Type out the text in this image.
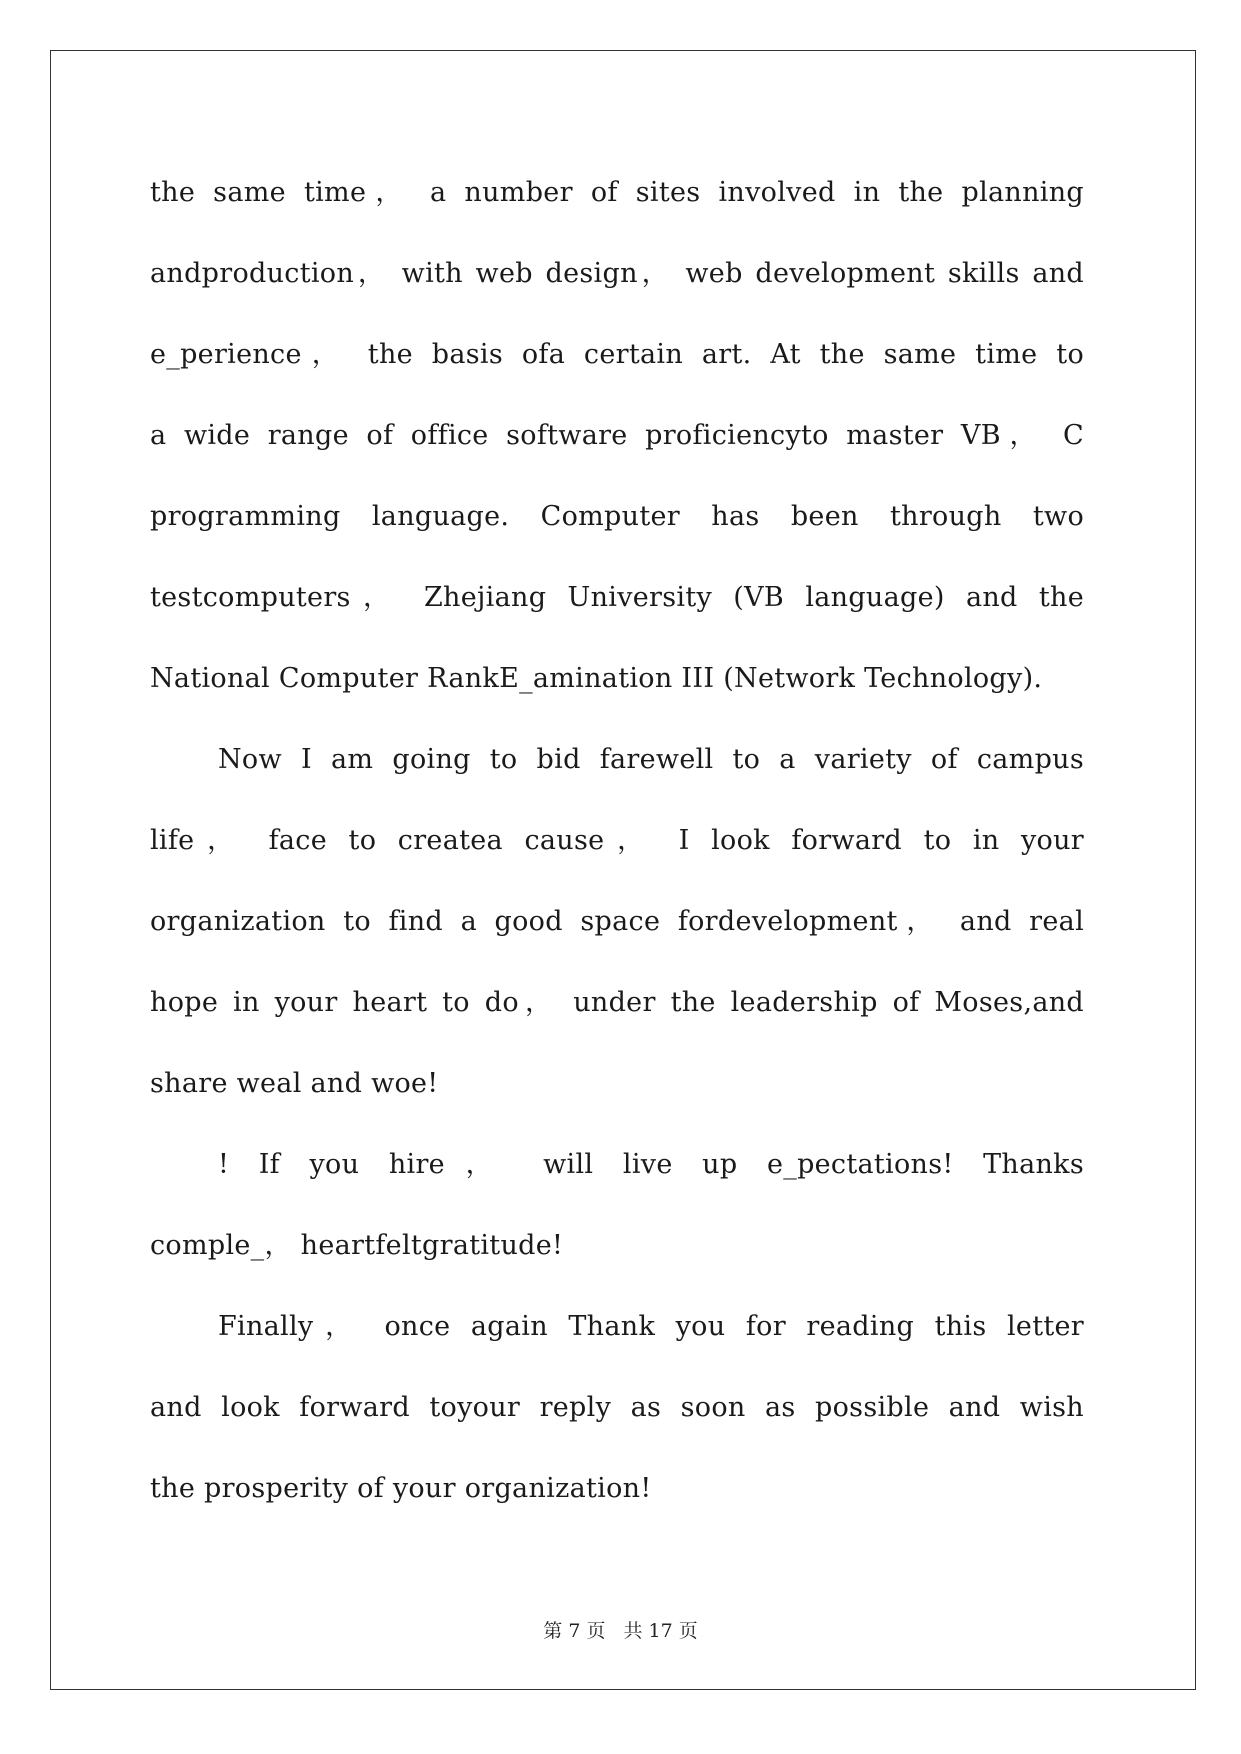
the same time， a number of sites involved in the planning
andproduction， with web design， web development skills and
e_perience， the basis ofa certain art. At the same time to
a wide range of office software proficiencyto master VB， C
programming language. Computer has been through two
testcomputers， Zhejiang University (VB language) and the
National Computer RankE_amination III (Network Technology).
Now I am going to bid farewell to a variety of campus
life， face to createa cause， I look forward to in your
organization to find a good space fordevelopment， and real
hope in your heart to do， under the leadership of Moses,and
share weal and woe!
! If you hire， will live up e_pectations! Thanks
comple_， heartfeltgratitude!
Finally， once again Thank you for reading this letter
and look forward toyour reply as soon as possible and wish
the prosperity of your organization!
第 7 页 共 17 页
